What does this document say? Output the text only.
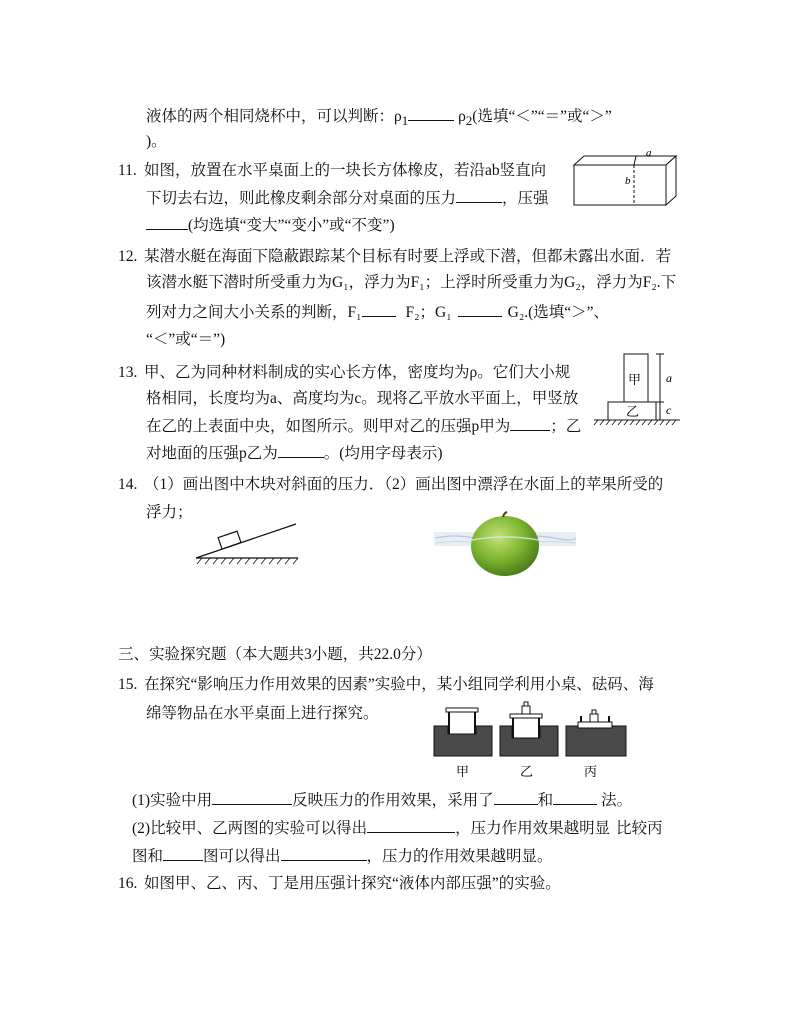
液体的两个相同烧杯中，可以判断：$\rho_1$	$\rho_2$(选填“＜”“＝”或“＞”
)。
11. 如图，放置在水平桌面上的一块长方体橡皮，若沿ab竖直向
下切去右边，则此橡皮剩余部分对桌面的压力	，压强
(均选填“变大”“变小”或“不变”)
a
b
12. 某潜水艇在海面下隐蔽跟踪某个目标有时要上浮或下潜，但都未露出水面．若
该潜水艇下潜时所受重力为G₁，浮力为F₁；上浮时所受重力为G₂，浮力为F₂.下
列对力之间大小关系的判断，F₁	F₂；G₁	G₂.(选填“＞”、
“＜”或“＝”)
13. 甲、乙为同种材料制成的实心长方体，密度均为ρ。它们大小规
格相同，长度均为a、高度均为c。现将乙平放水平面上，甲竖放
在乙的上表面中央，如图所示。则甲对乙的压强p甲为	；乙
对地面的压强p乙为	。(均用字母表示)
甲
乙
a
c
14. （1）画出图中木块对斜面的压力．（2）画出图中漂浮在水面上的苹果所受的
浮力；
三、实验探究题（本大题共3小题，共22.0分）
15. 在探究“影响压力作用效果的因素”实验中，某小组同学利用小桌、砝码、海
绵等物品在水平桌面上进行探究。
甲	乙	丙
(1)实验中用	反映压力的作用效果，采用了	和	法。
(2)比较甲、乙两图的实验可以得出	，压力作用效果越明显 比较丙
图和	图可以得出	，压力的作用效果越明显。
16. 如图甲、乙、丙、丁是用压强计探究“液体内部压强”的实验。
